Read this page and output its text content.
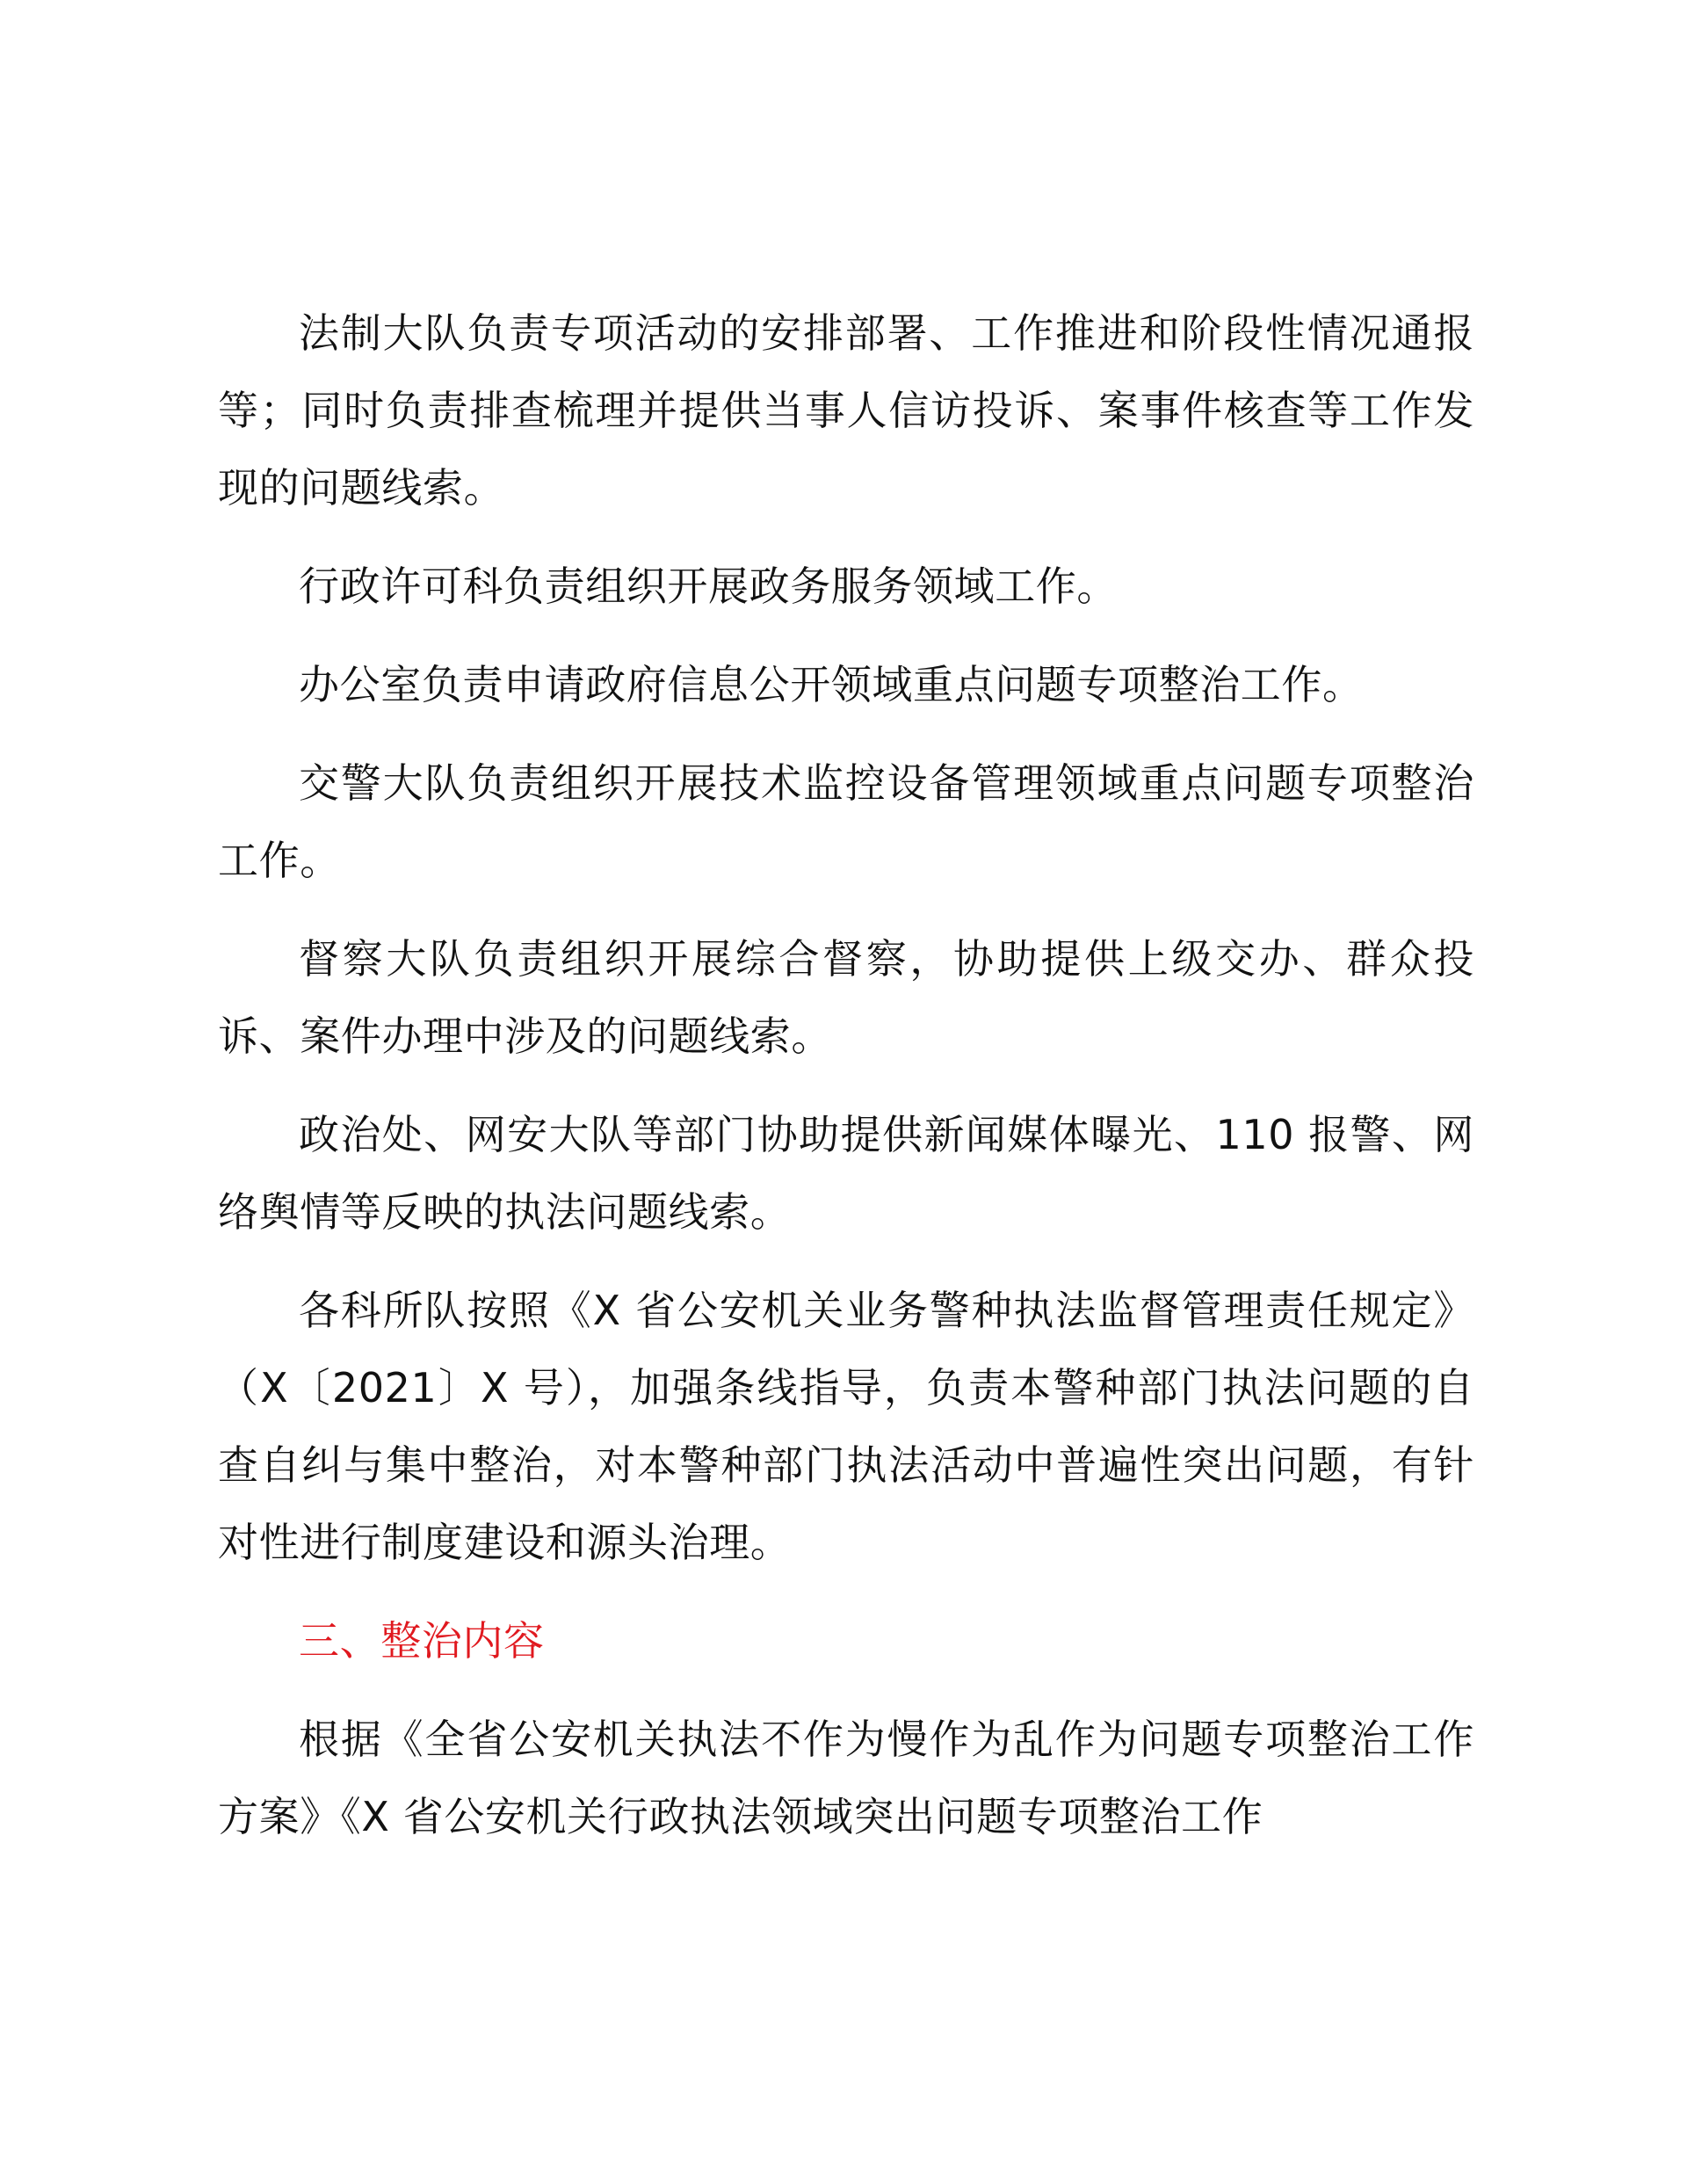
法制大队负责专项活动的安排部署、工作推进和阶段性情况通报等；同时负责排查梳理并提供当事人信访投诉、案事件核查等工作发现的问题线索。

行政许可科负责组织开展政务服务领域工作。

办公室负责申请政府信息公开领域重点问题专项整治工作。

交警大队负责组织开展技术监控设备管理领域重点问题专项整治工作。

督察大队负责组织开展综合督察，协助提供上级交办、群众投诉、案件办理中涉及的问题线索。

政治处、网安大队等部门协助提供新闻媒体曝光、110 报警、网络舆情等反映的执法问题线索。

各科所队按照《X 省公安机关业务警种执法监督管理责任规定》（X〔2021〕X 号），加强条线指导，负责本警种部门执法问题的自查自纠与集中整治，对本警种部门执法活动中普遍性突出问题，有针对性进行制度建设和源头治理。

三、整治内容

根据《全省公安机关执法不作为慢作为乱作为问题专项整治工作方案》《X 省公安机关行政执法领域突出问题专项整治工作
